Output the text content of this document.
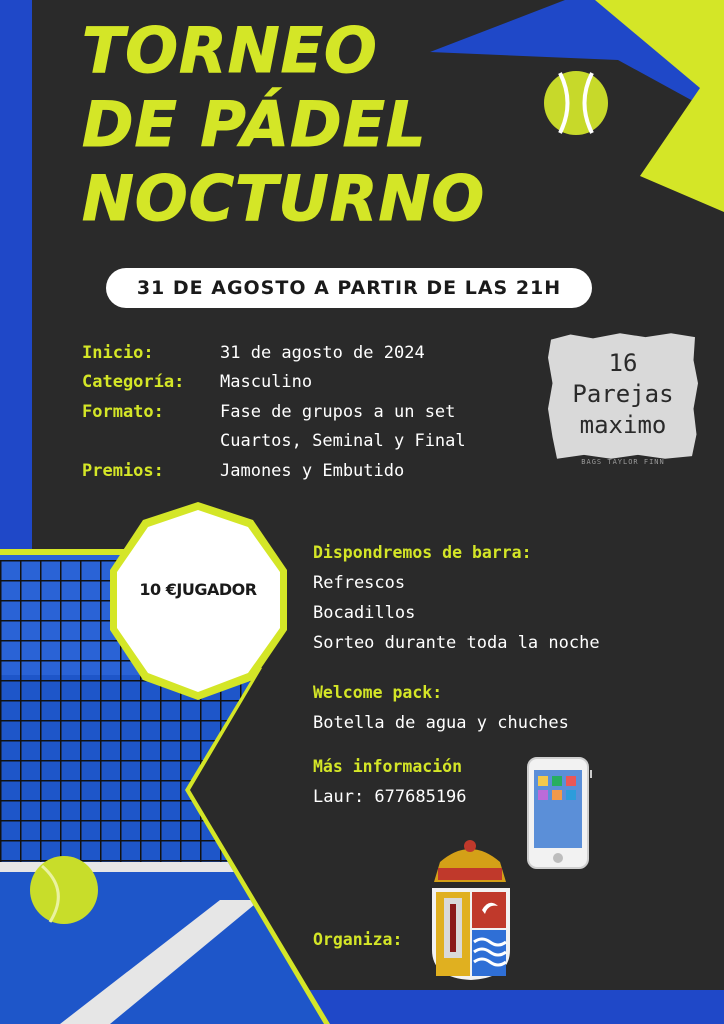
TORNEO
DE PÁDEL
NOCTURNO
31 DE AGOSTO A PARTIR DE LAS 21H
Inicio:	31 de agosto de 2024
Categoría:	Masculino
Formato:	Fase de grupos a un set
Cuartos, Seminal y Final
Premios:	Jamones y Embutido
16
Parejas
maximo
BAGS TAYLOR FINN
10 €JUGADOR
Dispondremos de barra:
Refrescos
Bocadillos
Sorteo durante toda la noche
Welcome pack:
Botella de agua y chuches
Más información
Laur: 677685196
Organiza:
